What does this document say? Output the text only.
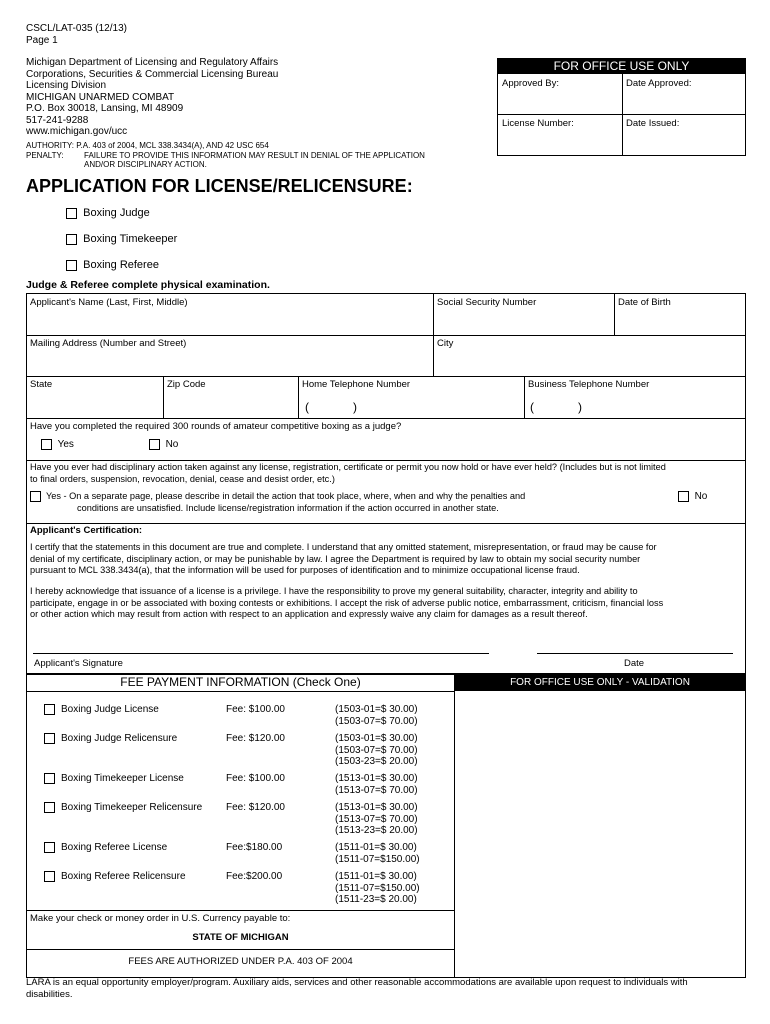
CSCL/LAT-035 (12/13)
Page 1
Michigan Department of Licensing and Regulatory Affairs
Corporations, Securities & Commercial Licensing Bureau
Licensing Division
MICHIGAN UNARMED COMBAT
P.O. Box 30018, Lansing, MI 48909
517-241-9288
www.michigan.gov/ucc
AUTHORITY: P.A. 403 of 2004, MCL 338.3434(A), AND 42 USC 654
PENALTY:	FAILURE TO PROVIDE THIS INFORMATION MAY RESULT IN DENIAL OF THE APPLICATION
AND/OR DISCIPLINARY ACTION.
FOR OFFICE USE ONLY
Approved By:	Date Approved:
License Number:	Date Issued:
APPLICATION FOR LICENSE/RELICENSURE:
Boxing Judge
Boxing Timekeeper
Boxing Referee
Judge & Referee complete physical examination.
Applicant's Name (Last, First, Middle)	Social Security Number	Date of Birth
Mailing Address (Number and Street)	City
State	Zip Code	Home Telephone Number	Business Telephone Number
(	)	(	)
Have you completed the required 300 rounds of amateur competitive boxing as a judge?
Yes	No
Have you ever had disciplinary action taken against any license, registration, certificate or permit you now hold or have ever held? (Includes but is not limited
to final orders, suspension, revocation, denial, cease and desist order, etc.)
Yes - On a separate page, please describe in detail the action that took place, where, when and why the penalties and
conditions are unsatisfied. Include license/registration information if the action occurred in another state.
No
Applicant's Certification:
I certify that the statements in this document are true and complete. I understand that any omitted statement, misrepresentation, or fraud may be cause for
denial of my certificate, disciplinary action, or may be punishable by law. I agree the Department is required by law to obtain my social security number
pursuant to MCL 338.3434(a), that the information will be used for purposes of identification and to minimize occupational license fraud.
I hereby acknowledge that issuance of a license is a privilege. I have the responsibility to prove my general suitability, character, integrity and ability to
participate, engage in or be associated with boxing contests or exhibitions. I accept the risk of adverse public notice, embarrassment, criticism, financial loss
or other action which may result from action with respect to an application and expressly waive any claim for damages as a result thereof.
Applicant's Signature	Date
FOR OFFICE USE ONLY - VALIDATION
FEE PAYMENT INFORMATION (Check One)
Boxing Judge License	Fee: $100.00	(1503-01=$ 30.00)
(1503-07=$ 70.00)
Boxing Judge Relicensure	Fee: $120.00	(1503-01=$ 30.00)
(1503-07=$ 70.00)
(1503-23=$ 20.00)
Boxing Timekeeper License	Fee: $100.00	(1513-01=$ 30.00)
(1513-07=$ 70.00)
Boxing Timekeeper Relicensure Fee: $120.00	(1513-01=$ 30.00)
(1513-07=$ 70.00)
(1513-23=$ 20.00)
Boxing Referee License	Fee:$180.00	(1511-01=$ 30.00)
(1511-07=$150.00)
Boxing Referee Relicensure	Fee:$200.00	(1511-01=$ 30.00)
(1511-07=$150.00)
(1511-23=$ 20.00)
Make your check or money order in U.S. Currency payable to:
STATE OF MICHIGAN
FEES ARE AUTHORIZED UNDER P.A. 403 OF 2004
LARA is an equal opportunity employer/program. Auxiliary aids, services and other reasonable accommodations are available upon request to individuals with
disabilities.
